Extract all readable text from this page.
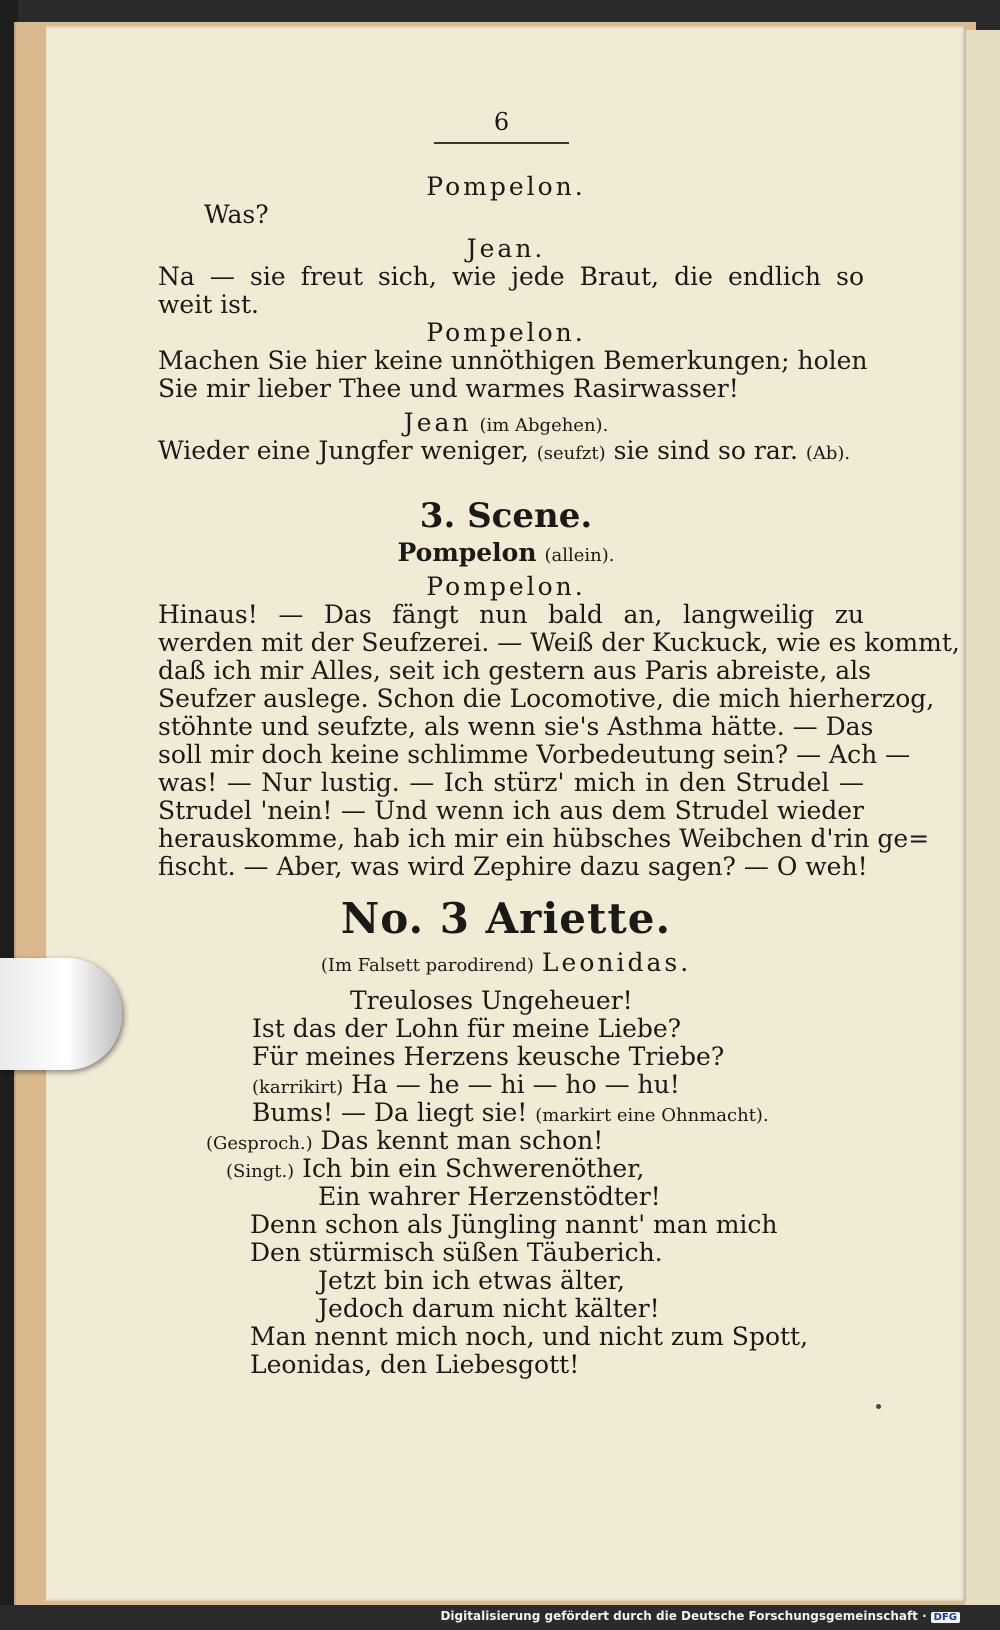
6
Pompelon.
Was?
Jean.
Na — sie freut sich, wie jede Braut, die endlich so
weit ist.
Pompelon.
Machen Sie hier keine unnöthigen Bemerkungen; holen
Sie mir lieber Thee und warmes Rasirwasser!
Jean (im Abgehen).
Wieder eine Jungfer weniger, (seufzt) sie sind so rar. (Ab).
3. Scene.
Pompelon (allein).
Pompelon.
Hinaus! — Das fängt nun bald an, langweilig zu
werden mit der Seufzerei. — Weiß der Kuckuck, wie es kommt,
daß ich mir Alles, seit ich gestern aus Paris abreiste, als
Seufzer auslege. Schon die Locomotive, die mich hierherzog,
stöhnte und seufzte, als wenn sie's Asthma hätte. — Das
soll mir doch keine schlimme Vorbedeutung sein? — Ach —
was! — Nur lustig. — Ich stürz' mich in den Strudel —
Strudel 'nein! — Und wenn ich aus dem Strudel wieder
herauskomme, hab ich mir ein hübsches Weibchen d'rin ge=
fischt. — Aber, was wird Zephire dazu sagen? — O weh!
No. 3 Ariette.
(Im Falsett parodirend) Leonidas.
Treuloses Ungeheuer!
Ist das der Lohn für meine Liebe?
Für meines Herzens keusche Triebe?
(karrikirt) Ha — he — hi — ho — hu!
Bums! — Da liegt sie! (markirt eine Ohnmacht).
(Gesproch.) Das kennt man schon!
(Singt.) Ich bin ein Schwerenöther,
Ein wahrer Herzenstödter!
Denn schon als Jüngling nannt' man mich
Den stürmisch süßen Täuberich.
Jetzt bin ich etwas älter,
Jedoch darum nicht kälter!
Man nennt mich noch, und nicht zum Spott,
Leonidas, den Liebesgott!
Digitalisierung gefördert durch die Deutsche Forschungsgemeinschaft · DFG
